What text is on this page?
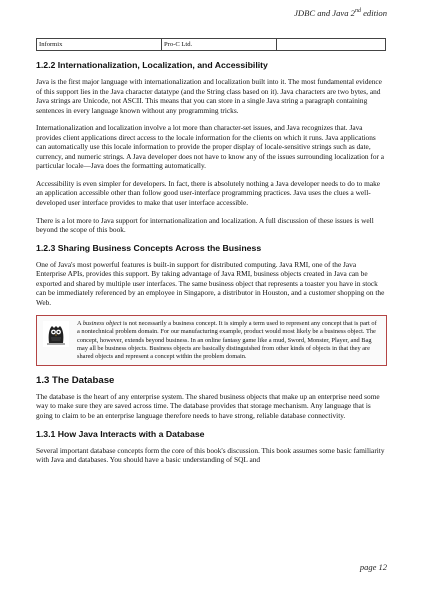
JDBC and Java 2nd edition
Informix	Pro-C Ltd.	
1.2.2 Internationalization, Localization, and Accessibility

Java is the first major language with internationalization and localization built into it. The most fundamental evidence of this support lies in the Java character datatype (and the String class based on it). Java characters are two bytes, and Java strings are Unicode, not ASCII. This means that you can store in a single Java string a paragraph containing sentences in every language known without any programming tricks.

Internationalization and localization involve a lot more than character-set issues, and Java recognizes that. Java provides client applications direct access to the locale information for the clients on which it runs. Java applications can automatically use this locale information to provide the proper display of locale-sensitive strings such as date, currency, and numeric strings. A Java developer does not have to know any of the issues surrounding localization for a particular locale—Java does the formatting automatically.

Accessibility is even simpler for developers. In fact, there is absolutely nothing a Java developer needs to do to make an application accessible other than follow good user-interface programming practices. Java uses the clues a well-developed user interface provides to make that user interface accessible.

There is a lot more to Java support for internationalization and localization. A full discussion of these issues is well beyond the scope of this book.

1.2.3 Sharing Business Concepts Across the Business

One of Java's most powerful features is built-in support for distributed computing. Java RMI, one of the Java Enterprise APIs, provides this support. By taking advantage of Java RMI, business objects created in Java can be exported and shared by multiple user interfaces. The same business object that represents a toaster you have in stock can be immediately referenced by an employee in Singapore, a distributor in Houston, and a customer shopping on the Web.

A business object is not necessarily a business concept. It is simply a term used to represent any concept that is part of a nontechnical problem domain. For our manufacturing example, product would most likely be a business object. The concept, however, extends beyond business. In an online fantasy game like a mud, Sword, Monster, Player, and Bag may all be business objects. Business objects are basically distinguished from other kinds of objects in that they are shared objects and represent a concept within the problem domain.

1.3 The Database

The database is the heart of any enterprise system. The shared business objects that make up an enterprise need some way to make sure they are saved across time. The database provides that storage mechanism. Any language that is going to claim to be an enterprise language therefore needs to have strong, reliable database connectivity.

1.3.1 How Java Interacts with a Database

Several important database concepts form the core of this book's discussion. This book assumes some basic familiarity with Java and databases. You should have a basic understanding of SQL and

page 12
